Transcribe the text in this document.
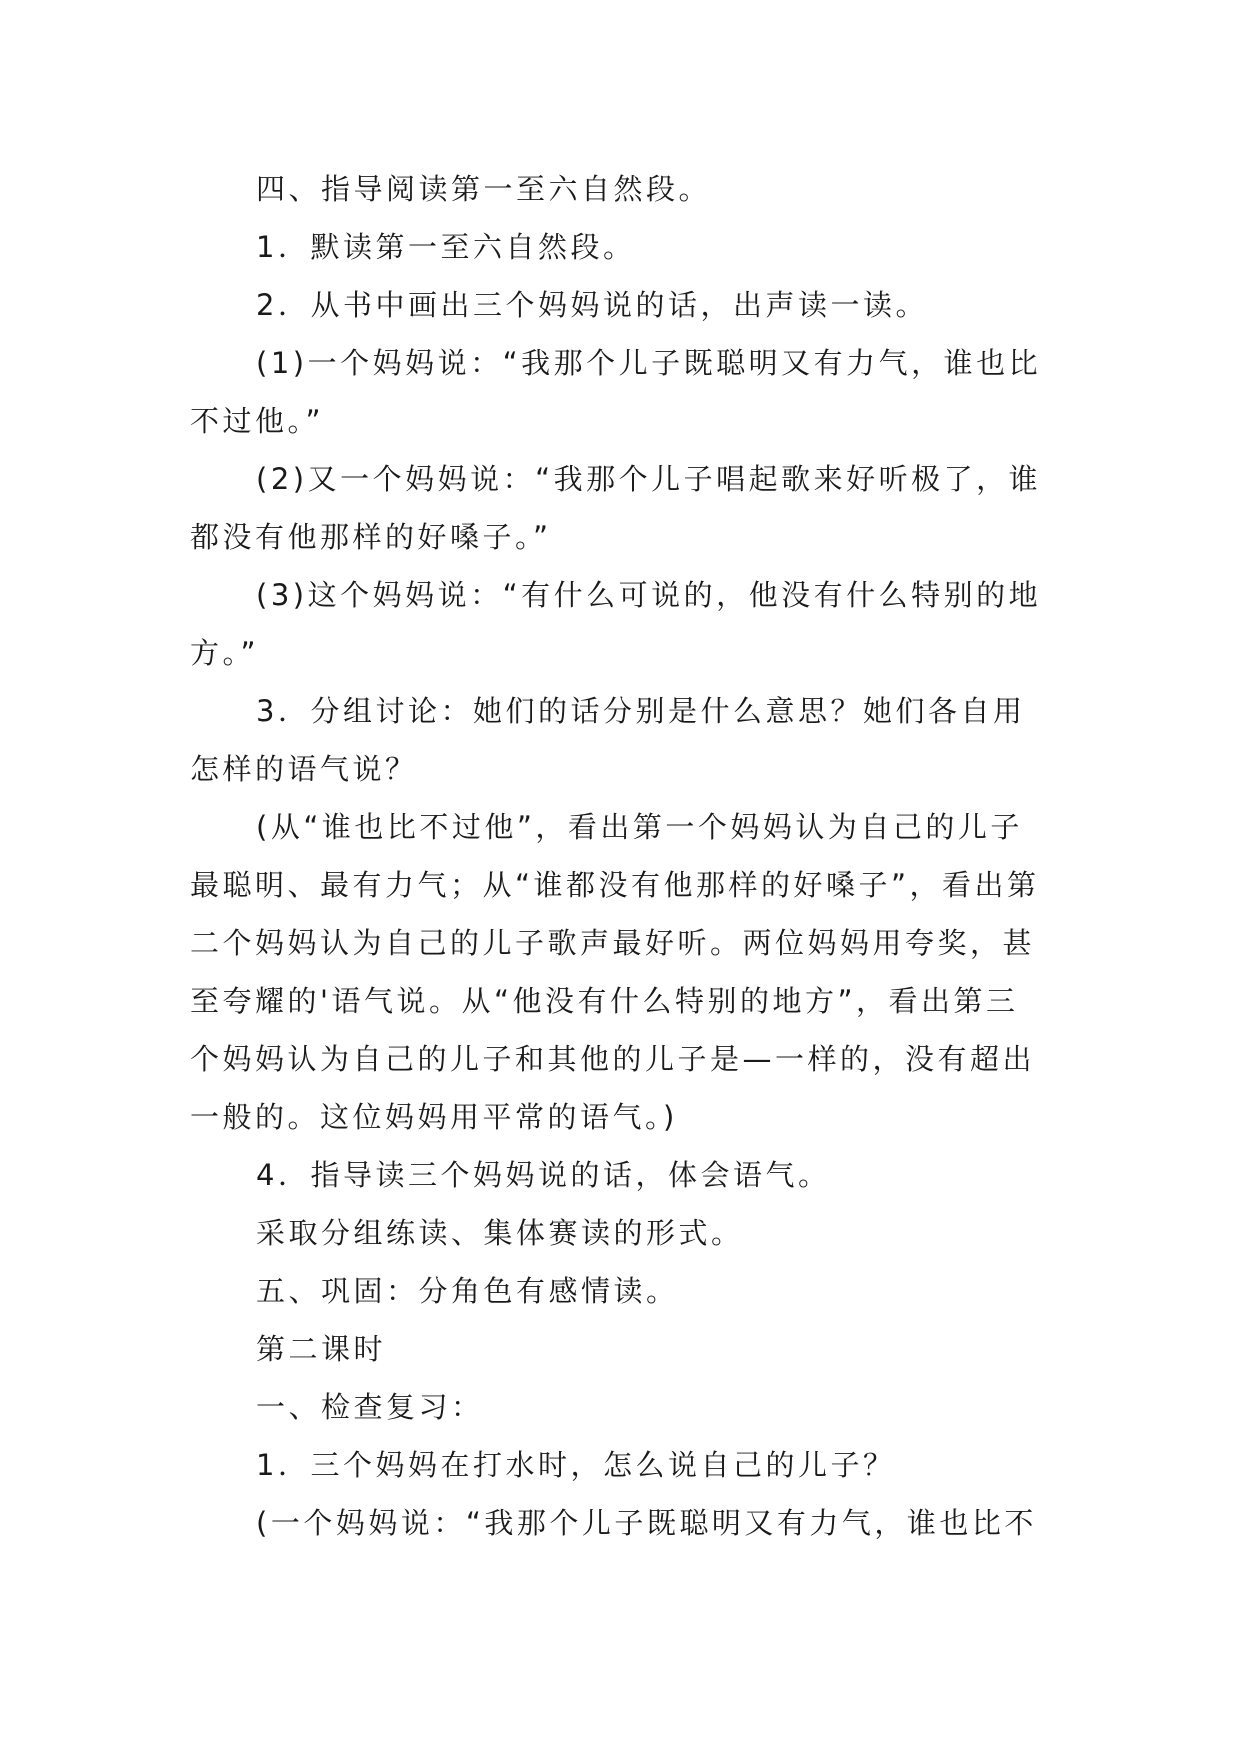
四、指导阅读第一至六自然段。

1．默读第一至六自然段。

2．从书中画出三个妈妈说的话，出声读一读。

(1)一个妈妈说：“我那个儿子既聪明又有力气，谁也比不过他。”

(2)又一个妈妈说：“我那个儿子唱起歌来好听极了，谁都没有他那样的好嗓子。”

(3)这个妈妈说：“有什么可说的，他没有什么特别的地方。”

3．分组讨论：她们的话分别是什么意思？她们各自用怎样的语气说？

(从“谁也比不过他”，看出第一个妈妈认为自己的儿子最聪明、最有力气；从“谁都没有他那样的好嗓子”，看出第二个妈妈认为自己的儿子歌声最好听。两位妈妈用夸奖，甚至夸耀的'语气说。从“他没有什么特别的地方”，看出第三个妈妈认为自己的儿子和其他的儿子是—一样的，没有超出一般的。这位妈妈用平常的语气。)

4．指导读三个妈妈说的话，体会语气。

采取分组练读、集体赛读的形式。

五、巩固：分角色有感情读。

第二课时

一、检查复习：

1．三个妈妈在打水时，怎么说自己的儿子？

(一个妈妈说：“我那个儿子既聪明又有力气，谁也比不
